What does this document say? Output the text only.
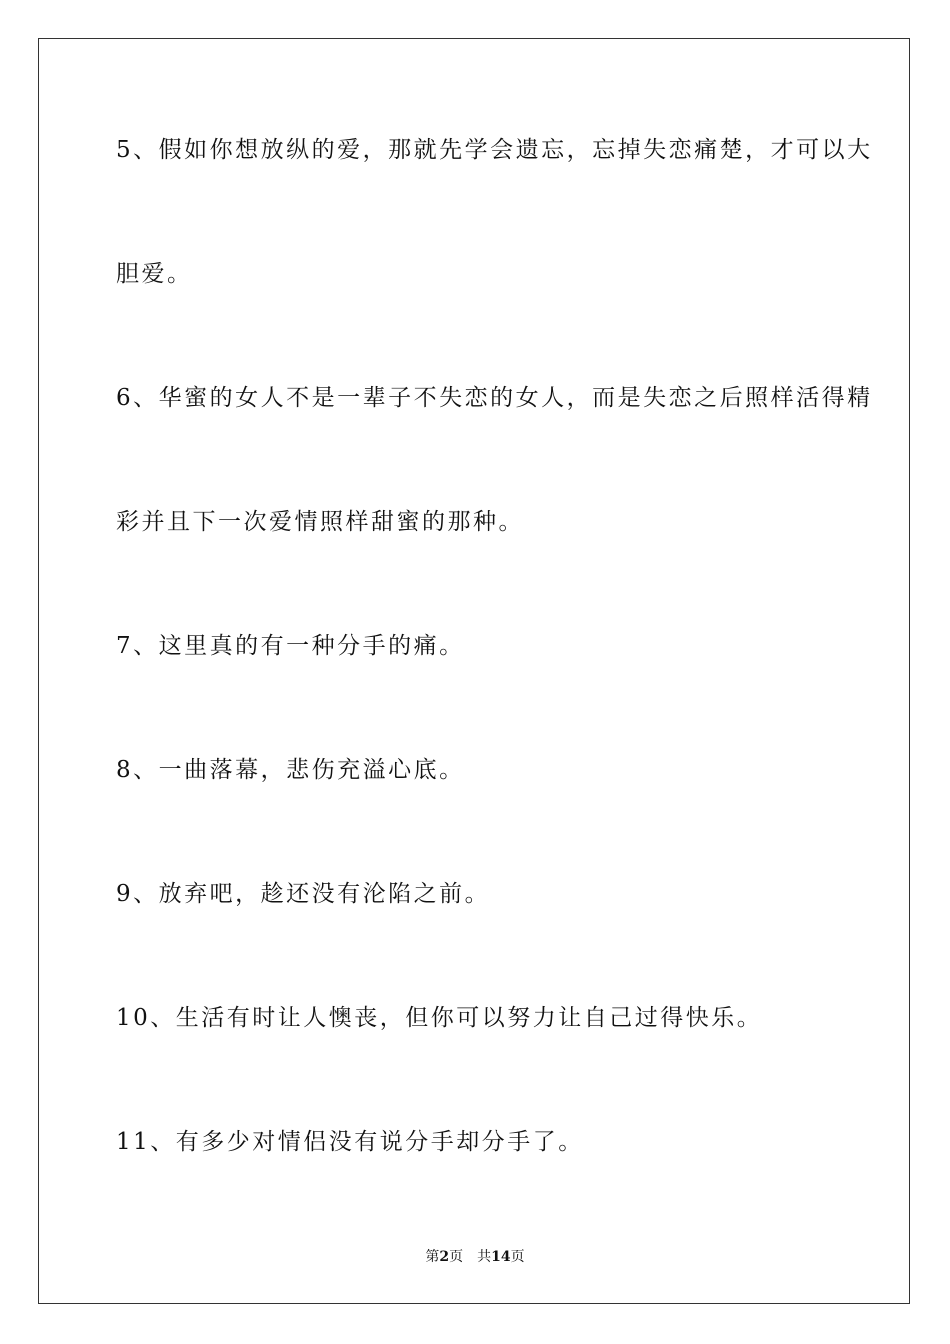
5、假如你想放纵的爱，那就先学会遗忘，忘掉失恋痛楚，才可以大
胆爱。
6、华蜜的女人不是一辈子不失恋的女人，而是失恋之后照样活得精
彩并且下一次爱情照样甜蜜的那种。
7、这里真的有一种分手的痛。
8、一曲落幕，悲伤充溢心底。
9、放弃吧，趁还没有沦陷之前。
10、生活有时让人懊丧，但你可以努力让自己过得快乐。
11、有多少对情侣没有说分手却分手了。
第2页 共14页
